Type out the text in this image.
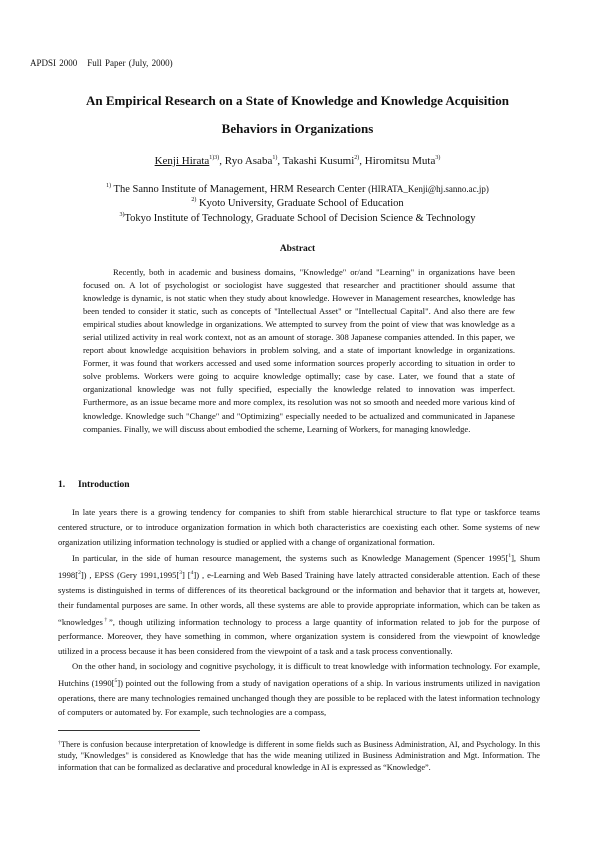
APDSI 2000 Full Paper (July, 2000)
An Empirical Research on a State of Knowledge and Knowledge Acquisition
Behaviors in Organizations
Kenji Hirata$^{1)3)}$, Ryo Asaba$^{1)}$, Takashi Kusumi$^{2)}$, Hiromitsu Muta$^{3)}$
$^{1)}$ The Sanno Institute of Management, HRM Research Center (HIRATA_Kenji@hj.sanno.ac.jp)
$^{2)}$ Kyoto University, Graduate School of Education
$^{3)}$Tokyo Institute of Technology, Graduate School of Decision Science & Technology
Abstract

Recently, both in academic and business domains, "Knowledge" or/and "Learning" in organizations have been focused on. A lot of psychologist or sociologist have suggested that researcher and practitioner should assume that knowledge is dynamic, is not static when they study about knowledge. However in Management researches, knowledge has been tended to consider it static, such as concepts of "Intellectual Asset" or "Intellectual Capital". And also there are few empirical studies about knowledge in organizations. We attempted to survey from the point of view that was knowledge as a serial utilized activity in real work context, not as an amount of storage. 308 Japanese companies attended. In this paper, we report about knowledge acquisition behaviors in problem solving, and a state of important knowledge in organizations. Former, it was found that workers accessed and used some information sources properly according to situation in order to solve problems. Workers were going to acquire knowledge optimally; case by case. Later, we found that a state of organizational knowledge was not fully specified, especially the knowledge related to innovation was imperfect. Furthermore, as an issue became more and more complex, its resolution was not so smooth and needed more various kind of knowledge. Knowledge such "Change" and "Optimizing" especially needed to be actualized and communicated in Japanese companies. Finally, we will discuss about embodied the scheme, Learning of Workers, for managing knowledge.

1. Introduction

In late years there is a growing tendency for companies to shift from stable hierarchical structure to flat type or taskforce teams centered structure, or to introduce organization formation in which both characteristics are coexisting each other. Some systems of new organization utilizing information technology is studied or applied with a change of organizational formation.

In particular, in the side of human resource management, the systems such as Knowledge Management (Spencer 1995[$^1$], Shum 1998[$^2$]) , EPSS (Gery 1991,1995[$^3$] [$^4$]) , e-Learning and Web Based Training have lately attracted considerable attention. Each of these systems is distinguished in terms of differences of its theoretical background or the information and behavior that it targets at, however, their fundamental purposes are same. In other words, all these systems are able to provide appropriate information, which can be taken as “knowledges†”, though utilizing information technology to process a large quantity of information related to job for the purpose of performance. Moreover, they have something in common, where organization system is considered from the viewpoint of knowledge utilized in a process because it has been considered from the viewpoint of a task and a task process conventionally.

On the other hand, in sociology and cognitive psychology, it is difficult to treat knowledge with information technology. For example, Hutchins (1990[$^5$]) pointed out the following from a study of navigation operations of a ship. In various instruments utilized in navigation operations, there are many technologies remained unchanged though they are possible to be replaced with the latest information technology of computers or automated by. For example, such technologies are a compass,

†There is confusion because interpretation of knowledge is different in some fields such as Business Administration, AI, and Psychology. In this study, "Knowledges" is considered as Knowledge that has the wide meaning utilized in Business Administration and Mgt. Information. The information that can be formalized as declarative and procedural knowledge in AI is expressed as “Knowledge”.
